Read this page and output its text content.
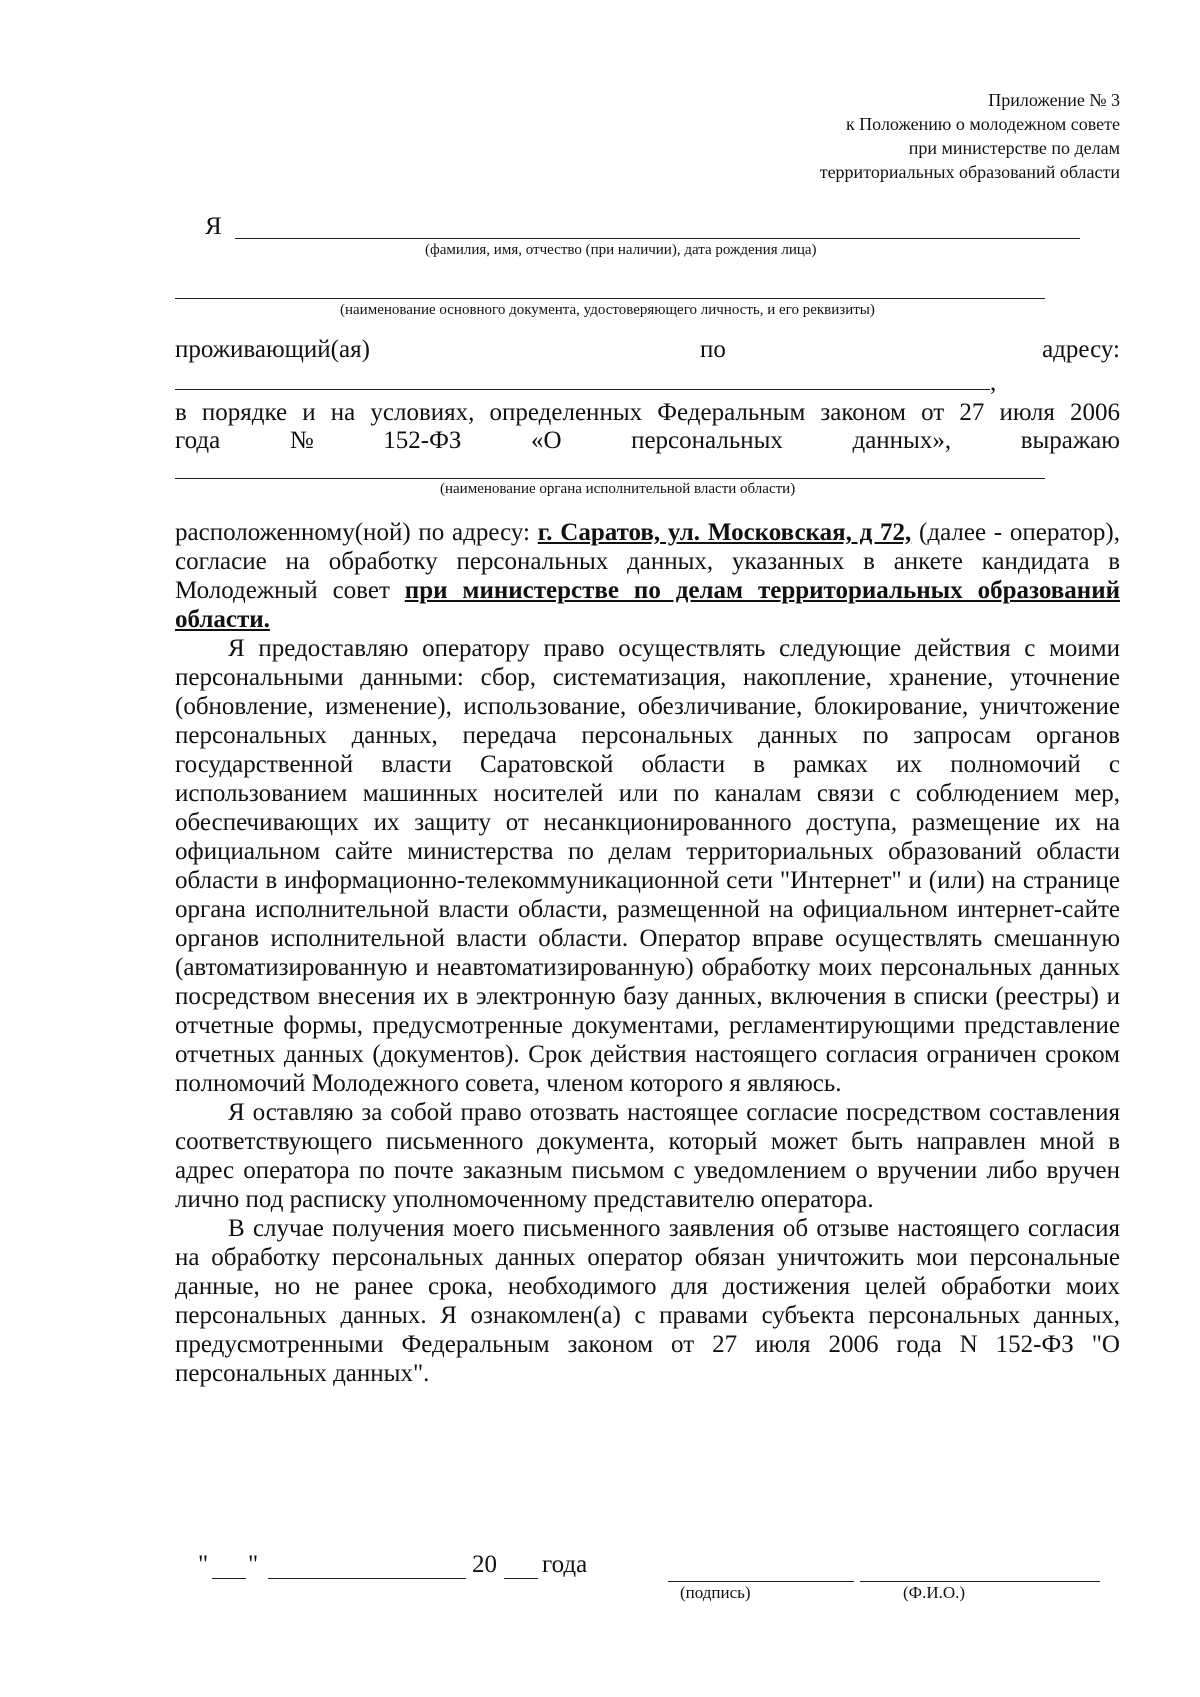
Приложение № 3
к Положению о молодежном совете
при министерстве по делам
территориальных образований области
Я
(фамилия, имя, отчество (при наличии), дата рождения лица)
(наименование основного документа, удостоверяющего личность, и его реквизиты)
проживающий(ая)	по	адресу:
,
в порядке и на условиях, определенных Федеральным законом от 27 июля 2006
года	№	152-ФЗ	«О	персональных	данных»,	выражаю
(наименование органа исполнительной власти области)
расположенному(ной) по адресу: г. Саратов, ул. Московская, д 72, (далее - оператор), согласие на обработку персональных данных, указанных в анкете кандидата в Молодежный совет при министерстве по делам территориальных образований области.
Я предоставляю оператору право осуществлять следующие действия с моими персональными данными: сбор, систематизация, накопление, хранение, уточнение (обновление, изменение), использование, обезличивание, блокирование, уничтожение персональных данных, передача персональных данных по запросам органов государственной власти Саратовской области в рамках их полномочий с использованием машинных носителей или по каналам связи с соблюдением мер, обеспечивающих их защиту от несанкционированного доступа, размещение их на официальном сайте министерства по делам территориальных образований области области в информационно-телекоммуникационной сети "Интернет" и (или) на странице органа исполнительной власти области, размещенной на официальном интернет-сайте органов исполнительной власти области. Оператор вправе осуществлять смешанную (автоматизированную и неавтоматизированную) обработку моих персональных данных посредством внесения их в электронную базу данных, включения в списки (реестры) и отчетные формы, предусмотренные документами, регламентирующими представление отчетных данных (документов). Срок действия настоящего согласия ограничен сроком полномочий Молодежного совета, членом которого я являюсь.
Я оставляю за собой право отозвать настоящее согласие посредством составления соответствующего письменного документа, который может быть направлен мной в адрес оператора по почте заказным письмом с уведомлением о вручении либо вручен лично под расписку уполномоченному представителю оператора.
В случае получения моего письменного заявления об отзыве настоящего согласия на обработку персональных данных оператор обязан уничтожить мои персональные данные, но не ранее срока, необходимого для достижения целей обработки моих персональных данных. Я ознакомлен(а) с правами субъекта персональных данных, предусмотренными Федеральным законом от 27 июля 2006 года N 152-ФЗ "О персональных данных".
" "	20 года
(подпись)	(Ф.И.О.)
